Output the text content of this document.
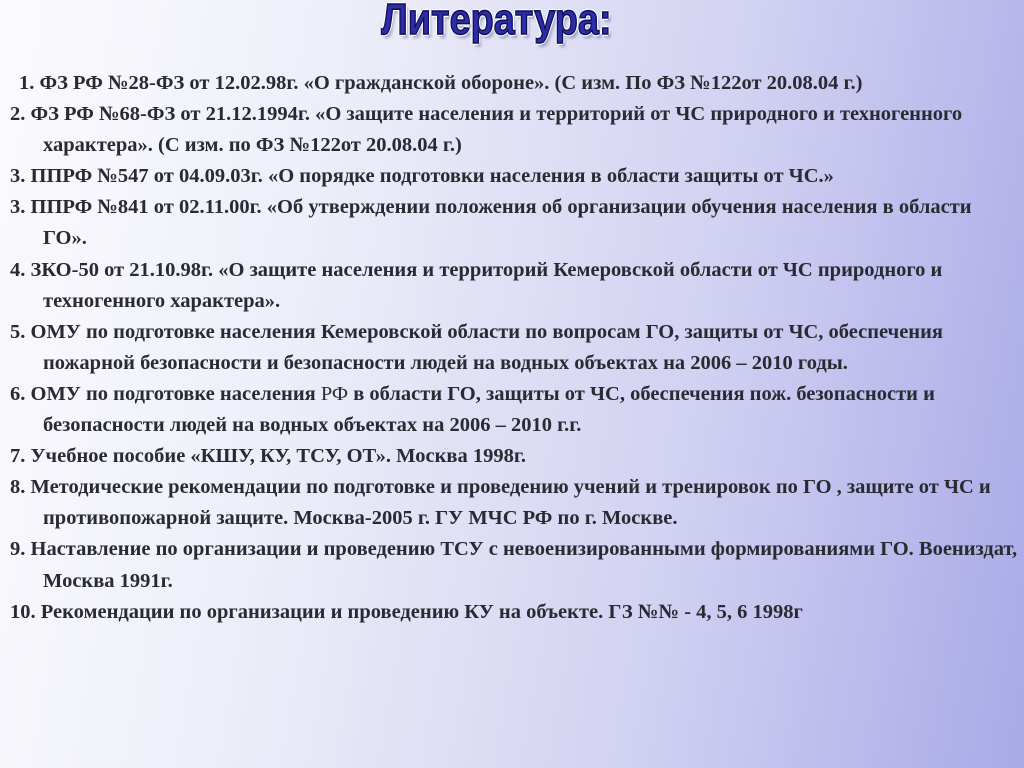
Литература:
1. ФЗ РФ №28-ФЗ от 12.02.98г. «О гражданской обороне». (С изм. По ФЗ №122от 20.08.04 г.)
2. ФЗ РФ №68-ФЗ от 21.12.1994г. «О защите населения и территорий от ЧС природного и техногенного характера». (С изм. по ФЗ №122от 20.08.04 г.)
3. ППРФ №547 от 04.09.03г. «О порядке подготовки населения в области защиты от ЧС.»
3. ППРФ №841 от 02.11.00г. «Об утверждении положения об организации обучения населения в области ГО».
4. ЗКО-50 от 21.10.98г. «О защите населения и территорий Кемеровской области от ЧС природного и техногенного характера».
5. ОМУ по подготовке населения Кемеровской области по вопросам ГО, защиты от ЧС, обеспечения пожарной безопасности и безопасности людей на водных объектах на 2006 – 2010 годы.
6. ОМУ по подготовке населения РФ в области ГО, защиты от ЧС, обеспечения пож. безопасности и безопасности людей на водных объектах на 2006 – 2010 г.г.
7. Учебное пособие «КШУ, КУ, ТСУ, ОТ». Москва 1998г.
8. Методические рекомендации по подготовке и проведению учений и тренировок по ГО , защите от ЧС и противопожарной защите. Москва-2005 г. ГУ МЧС РФ по г. Москве.
9. Наставление по организации и проведению ТСУ с невоенизированными формированиями ГО. Воениздат, Москва 1991г.
10. Рекомендации по организации и проведению КУ на объекте. ГЗ №№ - 4, 5, 6 1998г
